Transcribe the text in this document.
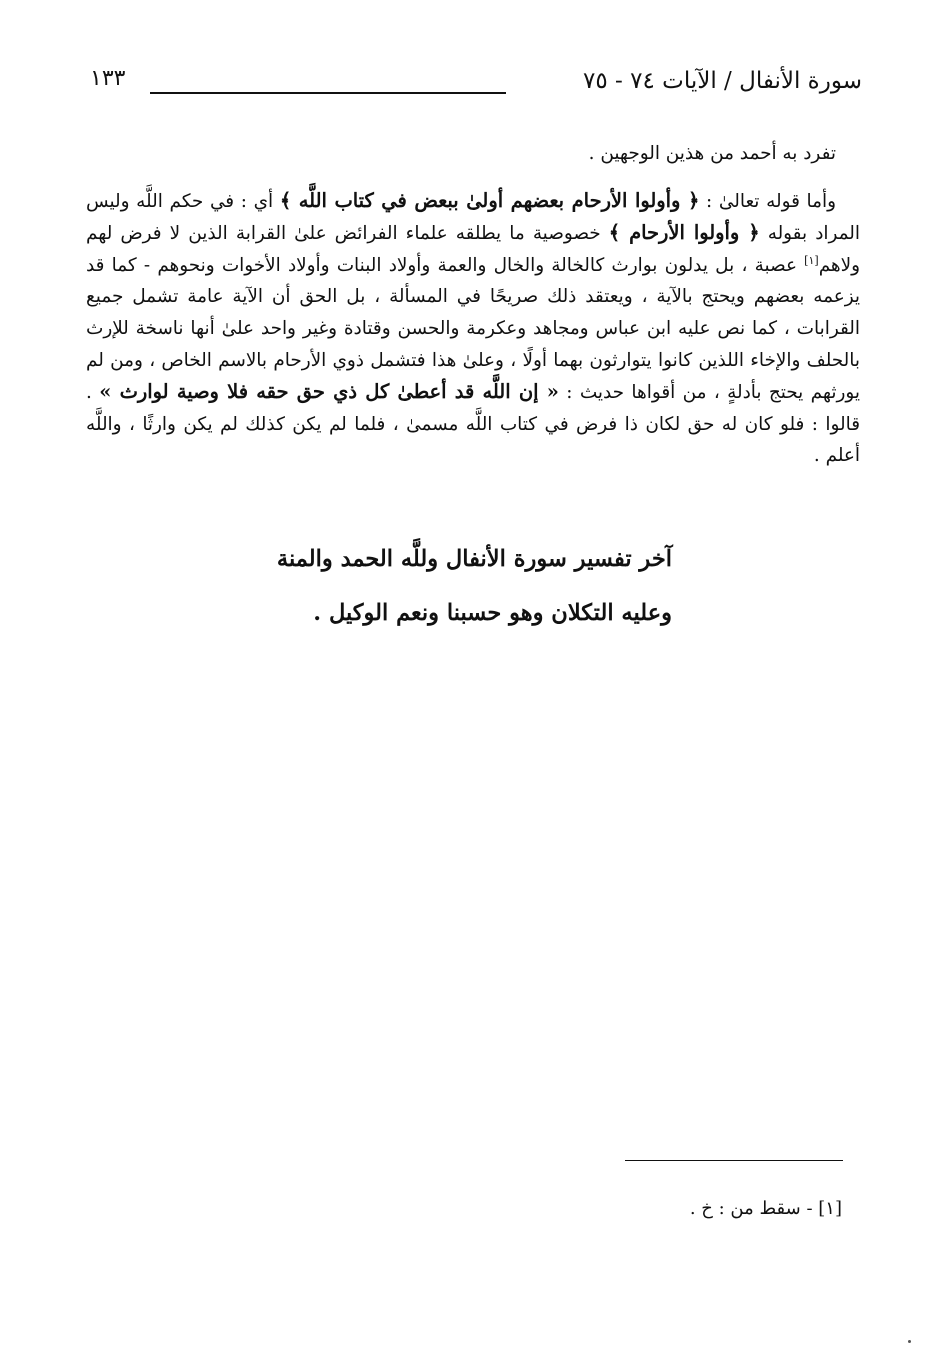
سورة الأنفال / الآيات ٧٤ - ٧٥
١٣٣

تفرد به أحمد من هذين الوجهين .

وأما قوله تعالىٰ : ﴿ وأولوا الأرحام بعضهم أولىٰ ببعض في كتاب اللَّه ﴾ أي : في حكم اللَّه وليس المراد بقوله ﴿ وأولوا الأرحام ﴾ خصوصية ما يطلقه علماء الفرائض علىٰ القرابة الذين لا فرض لهم ولاهم[١] عصبة ، بل يدلون بوارث كالخالة والخال والعمة وأولاد البنات وأولاد الأخوات ونحوهم - كما قد يزعمه بعضهم ويحتج بالآية ، ويعتقد ذلك صريحًا في المسألة ، بل الحق أن الآية عامة تشمل جميع القرابات ، كما نص عليه ابن عباس ومجاهد وعكرمة والحسن وقتادة وغير واحد علىٰ أنها ناسخة للإرث بالحلف والإخاء اللذين كانوا يتوارثون بهما أولًا ، وعلىٰ هذا فتشمل ذوي الأرحام بالاسم الخاص ، ومن لم يورثهم يحتج بأدلةٍ ، من أقواها حديث : « إن اللَّه قد أعطىٰ كل ذي حق حقه فلا وصية لوارث » . قالوا : فلو كان له حق لكان ذا فرض في كتاب اللَّه مسمىٰ ، فلما لم يكن كذلك لم يكن وارثًا ، واللَّه أعلم .

آخر تفسير سورة الأنفال وللَّه الحمد والمنة
وعليه التكلان وهو حسبنا ونعم الوكيل .
[١] - سقط من : خ .
